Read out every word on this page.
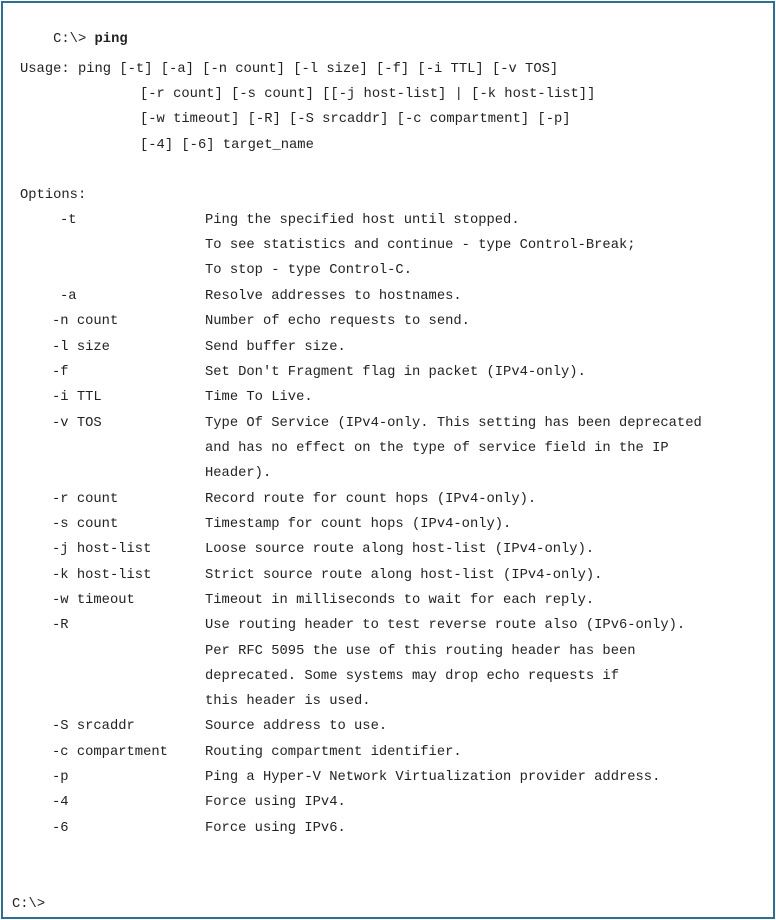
C:\> ping

Usage: ping [-t] [-a] [-n count] [-l size] [-f] [-i TTL] [-v TOS]
[-r count] [-s count] [[-j host-list] | [-k host-list]]
[-w timeout] [-R] [-S srcaddr] [-c compartment] [-p]
[-4] [-6] target_name
Options:
-t	Ping the specified host until stopped.
To see statistics and continue - type Control-Break;
To stop - type Control-C.
-a	Resolve addresses to hostnames.
-n count	Number of echo requests to send.
-l size	Send buffer size.
-f	Set Don't Fragment flag in packet (IPv4-only).
-i TTL	Time To Live.
-v TOS	Type Of Service (IPv4-only. This setting has been deprecated
and has no effect on the type of service field in the IP
Header).
-r count	Record route for count hops (IPv4-only).
-s count	Timestamp for count hops (IPv4-only).
-j host-list	Loose source route along host-list (IPv4-only).
-k host-list	Strict source route along host-list (IPv4-only).
-w timeout	Timeout in milliseconds to wait for each reply.
-R	Use routing header to test reverse route also (IPv6-only).
Per RFC 5095 the use of this routing header has been
deprecated. Some systems may drop echo requests if
this header is used.
-S srcaddr	Source address to use.
-c compartment	Routing compartment identifier.
-p	Ping a Hyper-V Network Virtualization provider address.
-4	Force using IPv4.
-6	Force using IPv6.
C:\>
